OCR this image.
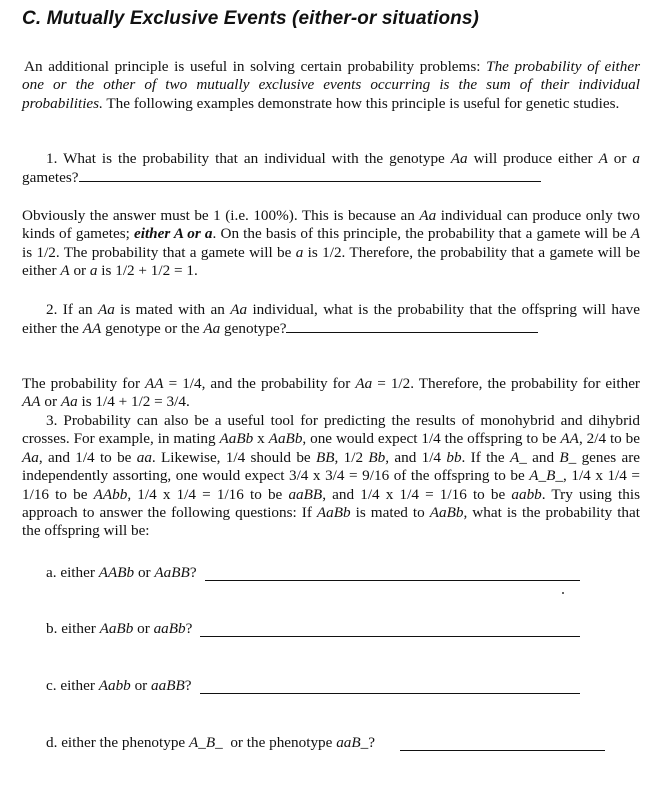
C. Mutually Exclusive Events (either-or situations)

An additional principle is useful in solving certain probability problems: The probability of either one or the other of two mutually exclusive events occurring is the sum of their individual probabilities. The following examples demonstrate how this principle is useful for genetic studies.

1. What is the probability that an individual with the genotype Aa will produce either A or a gametes?

Obviously the answer must be 1 (i.e. 100%). This is because an Aa individual can produce only two kinds of gametes; either A or a. On the basis of this principle, the probability that a gamete will be A is 1/2. The probability that a gamete will be a is 1/2. Therefore, the probability that a gamete will be either A or a is 1/2 + 1/2 = 1.

2. If an Aa is mated with an Aa individual, what is the probability that the offspring will have either the AA genotype or the Aa genotype?

The probability for AA = 1/4, and the probability for Aa = 1/2. Therefore, the probability for either AA or Aa is 1/4 + 1/2 = 3/4.

3. Probability can also be a useful tool for predicting the results of monohybrid and dihybrid crosses. For example, in mating AaBb x AaBb, one would expect 1/4 the offspring to be AA, 2/4 to be Aa, and 1/4 to be aa. Likewise, 1/4 should be BB, 1/2 Bb, and 1/4 bb. If the A_ and B_ genes are independently assorting, one would expect 3/4 x 3/4 = 9/16 of the offspring to be A_B_, 1/4 x 1/4 = 1/16 to be AAbb, 1/4 x 1/4 = 1/16 to be aaBB, and 1/4 x 1/4 = 1/16 to be aabb. Try using this approach to answer the following questions: If AaBb is mated to AaBb, what is the probability that the offspring will be:

a. either AABb or AaBB?
b. either AaBb or aaBb?
c. either Aabb or aaBB?
d. either the phenotype A_B_  or the phenotype aaB_?
